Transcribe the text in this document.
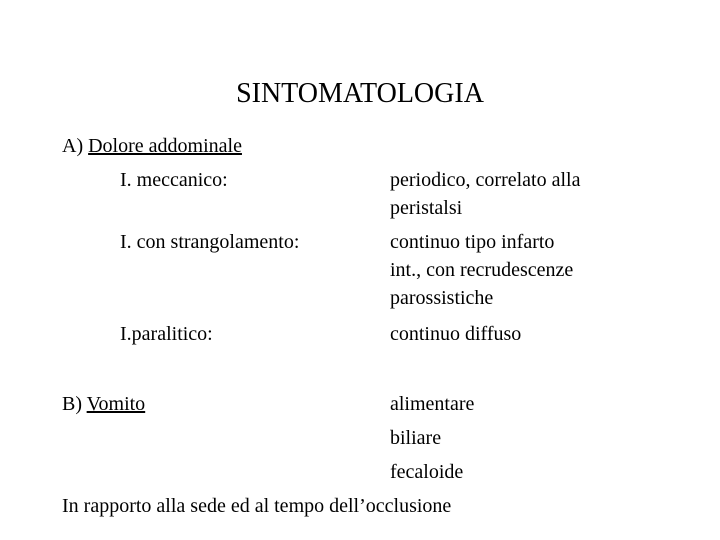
SINTOMATOLOGIA
A) Dolore addominale
I. meccanico:	periodico, correlato alla
peristalsi
I. con strangolamento:	continuo tipo infarto
int., con recrudescenze
parossistiche
I.paralitico:	continuo diffuso
B) Vomito	alimentare
biliare
fecaloide
In rapporto alla sede ed al tempo dell’occlusione
